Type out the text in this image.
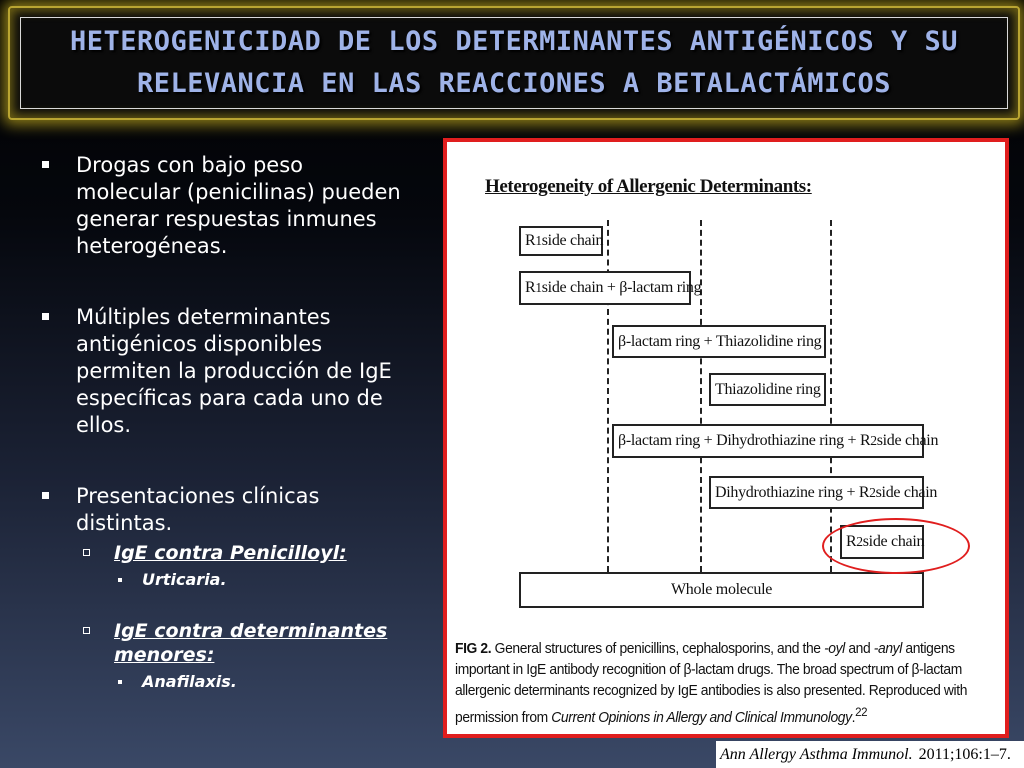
HETEROGENICIDAD DE LOS DETERMINANTES ANTIGÉNICOS Y SU
RELEVANCIA EN LAS REACCIONES A BETALACTÁMICOS
Drogas con bajo peso molecular (penicilinas) pueden generar respuestas inmunes heterogéneas.
Múltiples determinantes antigénicos disponibles permiten la producción de IgE específicas para cada uno de ellos.
Presentaciones clínicas distintas.
IgE contra Penicilloyl:
Urticaria.
IgE contra determinantes menores:
Anafilaxis.
Heterogeneity of Allergenic Determinants:
R 1 side chain
R 1 side chain + β-lactam ring
β-lactam ring + Thiazolidine ring
Thiazolidine ring
β-lactam ring + Dihydrothiazine ring + R 2 side chain
Dihydrothiazine ring + R 2 side chain
R 2 side chain
Whole molecule
FIG 2. General structures of penicillins, cephalosporins, and the -oyl and -anyl antigens important in IgE antibody recognition of β-lactam drugs. The broad spectrum of β-lactam allergenic determinants recognized by IgE antibodies is also presented. Reproduced with permission from Current Opinions in Allergy and Clinical Immunology.$^{22}$
Ann Allergy Asthma Immunol. 2011;106:1–7.
